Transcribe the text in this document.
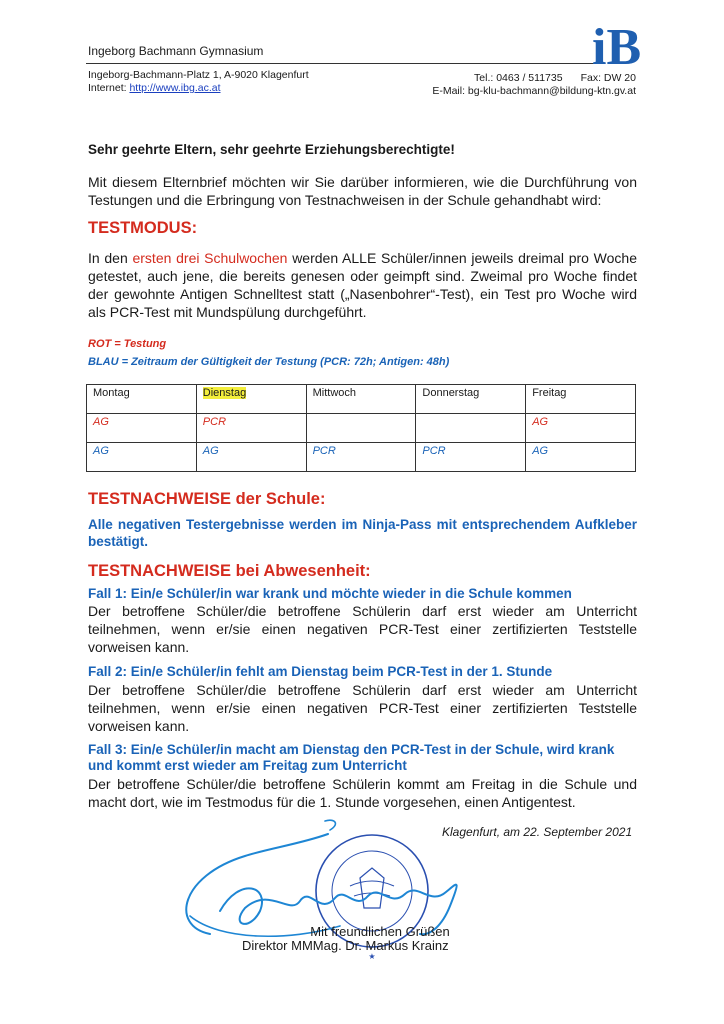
Ingeborg Bachmann Gymnasium
Ingeborg-Bachmann-Platz 1, A-9020 Klagenfurt
Internet: http://www.ibg.ac.at
Tel.: 0463 / 511735 Fax: DW 20
E-Mail: bg-klu-bachmann@bildung-ktn.gv.at
iB
Sehr geehrte Eltern, sehr geehrte Erziehungsberechtigte!
Mit diesem Elternbrief möchten wir Sie darüber informieren, wie die Durchführung von Testungen und die Erbringung von Testnachweisen in der Schule gehandhabt wird:
TESTMODUS:
In den ersten drei Schulwochen werden ALLE Schüler/innen jeweils dreimal pro Woche getestet, auch jene, die bereits genesen oder geimpft sind. Zweimal pro Woche findet der gewohnte Antigen Schnelltest statt („Nasenbohrer“-Test), ein Test pro Woche wird als PCR-Test mit Mundspülung durchgeführt.
ROT = Testung
BLAU = Zeitraum der Gültigkeit der Testung (PCR: 72h; Antigen: 48h)
Montag	Dienstag	Mittwoch	Donnerstag	Freitag
AG	PCR			AG
AG	AG	PCR	PCR	AG
TESTNACHWEISE der Schule:
Alle negativen Testergebnisse werden im Ninja-Pass mit entsprechendem Aufkleber bestätigt.
TESTNACHWEISE bei Abwesenheit:
Fall 1: Ein/e Schüler/in war krank und möchte wieder in die Schule kommen
Der betroffene Schüler/die betroffene Schülerin darf erst wieder am Unterricht teilnehmen, wenn er/sie einen negativen PCR-Test einer zertifizierten Teststelle vorweisen kann.
Fall 2: Ein/e Schüler/in fehlt am Dienstag beim PCR-Test in der 1. Stunde
Der betroffene Schüler/die betroffene Schülerin darf erst wieder am Unterricht teilnehmen, wenn er/sie einen negativen PCR-Test einer zertifizierten Teststelle vorweisen kann.
Fall 3: Ein/e Schüler/in macht am Dienstag den PCR-Test in der Schule, wird krank und kommt erst wieder am Freitag zum Unterricht
Der betroffene Schüler/die betroffene Schülerin kommt am Freitag in die Schule und macht dort, wie im Testmodus für die 1. Stunde vorgesehen, einen Antigentest.
Klagenfurt, am 22. September 2021
★
Mit freundlichen Grüßen
Direktor MMMag. Dr. Markus Krainz
